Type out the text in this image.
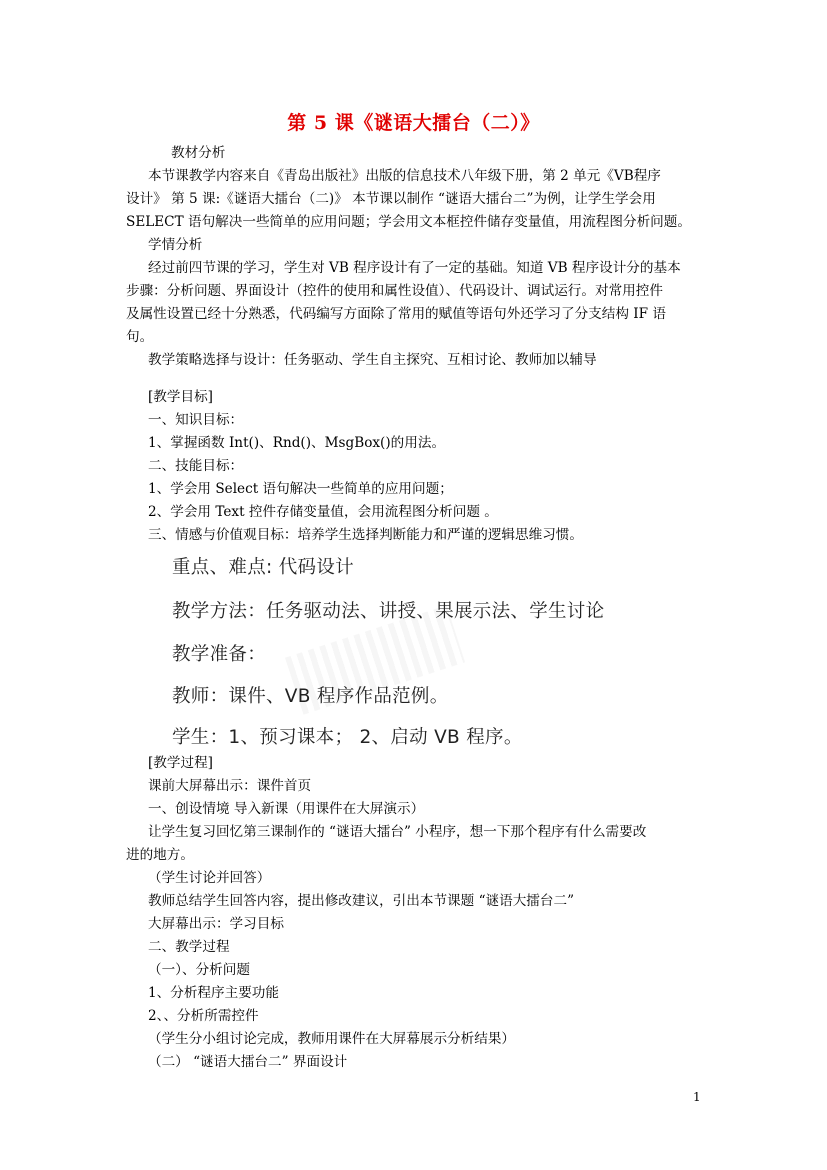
第 5 课《谜语大擂台（二）》
教材分析
本节课教学内容来自《青岛出版社》出版的信息技术八年级下册，第 2 单元《VB程序
设计》 第 5 课:《谜语大擂台（二)》 本节课以制作 “谜语大擂台二”为例，让学生学会用
SELECT 语句解决一些简单的应用问题；学会用文本框控件储存变量值，用流程图分析问题。
学情分析
经过前四节课的学习，学生对 VB 程序设计有了一定的基础。知道 VB 程序设计分的基本
步骤：分析问题、界面设计（控件的使用和属性设值）、代码设计、调试运行。对常用控件
及属性设置已经十分熟悉，代码编写方面除了常用的赋值等语句外还学习了分支结构 IF 语
句。
教学策略选择与设计：任务驱动、学生自主探究、互相讨论、教师加以辅导
[教学目标]
一、知识目标：
1、掌握函数 Int()、Rnd()、MsgBox()的用法。
二、技能目标：
1、学会用 Select 语句解决一些简单的应用问题；
2、学会用 Text 控件存储变量值，会用流程图分析问题 。
三、情感与价值观目标：培养学生选择判断能力和严谨的逻辑思维习惯。
重点、难点: 代码设计
教学方法：任务驱动法、讲授、果展示法、学生讨论
教学准备：
教师：课件、VB 程序作品范例。
学生：1、预习课本； 2、启动 VB 程序。
[教学过程]
课前大屏幕出示：课件首页
一、创设情境 导入新课（用课件在大屏演示）
让学生复习回忆第三课制作的 “谜语大擂台” 小程序，想一下那个程序有什么需要改
进的地方。
（学生讨论并回答）
教师总结学生回答内容，提出修改建议，引出本节课题 “谜语大擂台二”
大屏幕出示：学习目标
二、教学过程
（一）、分析问题
1、分析程序主要功能
2、、分析所需控件
（学生分小组讨论完成，教师用课件在大屏幕展示分析结果）
（二） “谜语大擂台二” 界面设计
1
